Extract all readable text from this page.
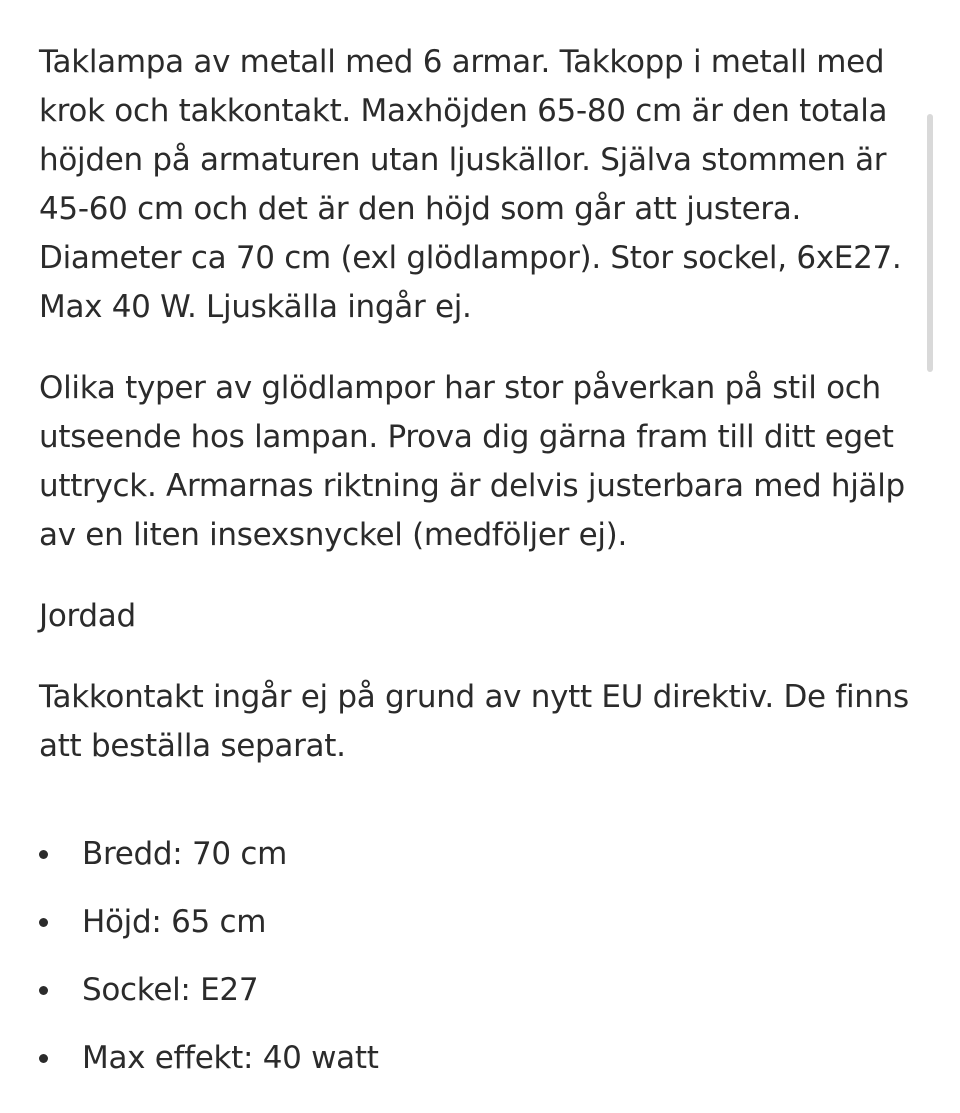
Taklampa av metall med 6 armar. Takkopp i metall med krok och takkontakt. Maxhöjden 65-80 cm är den totala höjden på armaturen utan ljuskällor. Själva stommen är 45-60 cm och det är den höjd som går att justera. Diameter ca 70 cm (exl glödlampor). Stor sockel, 6xE27. Max 40 W. Ljuskälla ingår ej.

Olika typer av glödlampor har stor påverkan på stil och utseende hos lampan. Prova dig gärna fram till ditt eget uttryck. Armarnas riktning är delvis justerbara med hjälp av en liten insexsnyckel (medföljer ej).

Jordad

Takkontakt ingår ej på grund av nytt EU direktiv. De finns att beställa separat.

Bredd: 70 cm
Höjd: 65 cm
Sockel: E27
Max effekt: 40 watt
